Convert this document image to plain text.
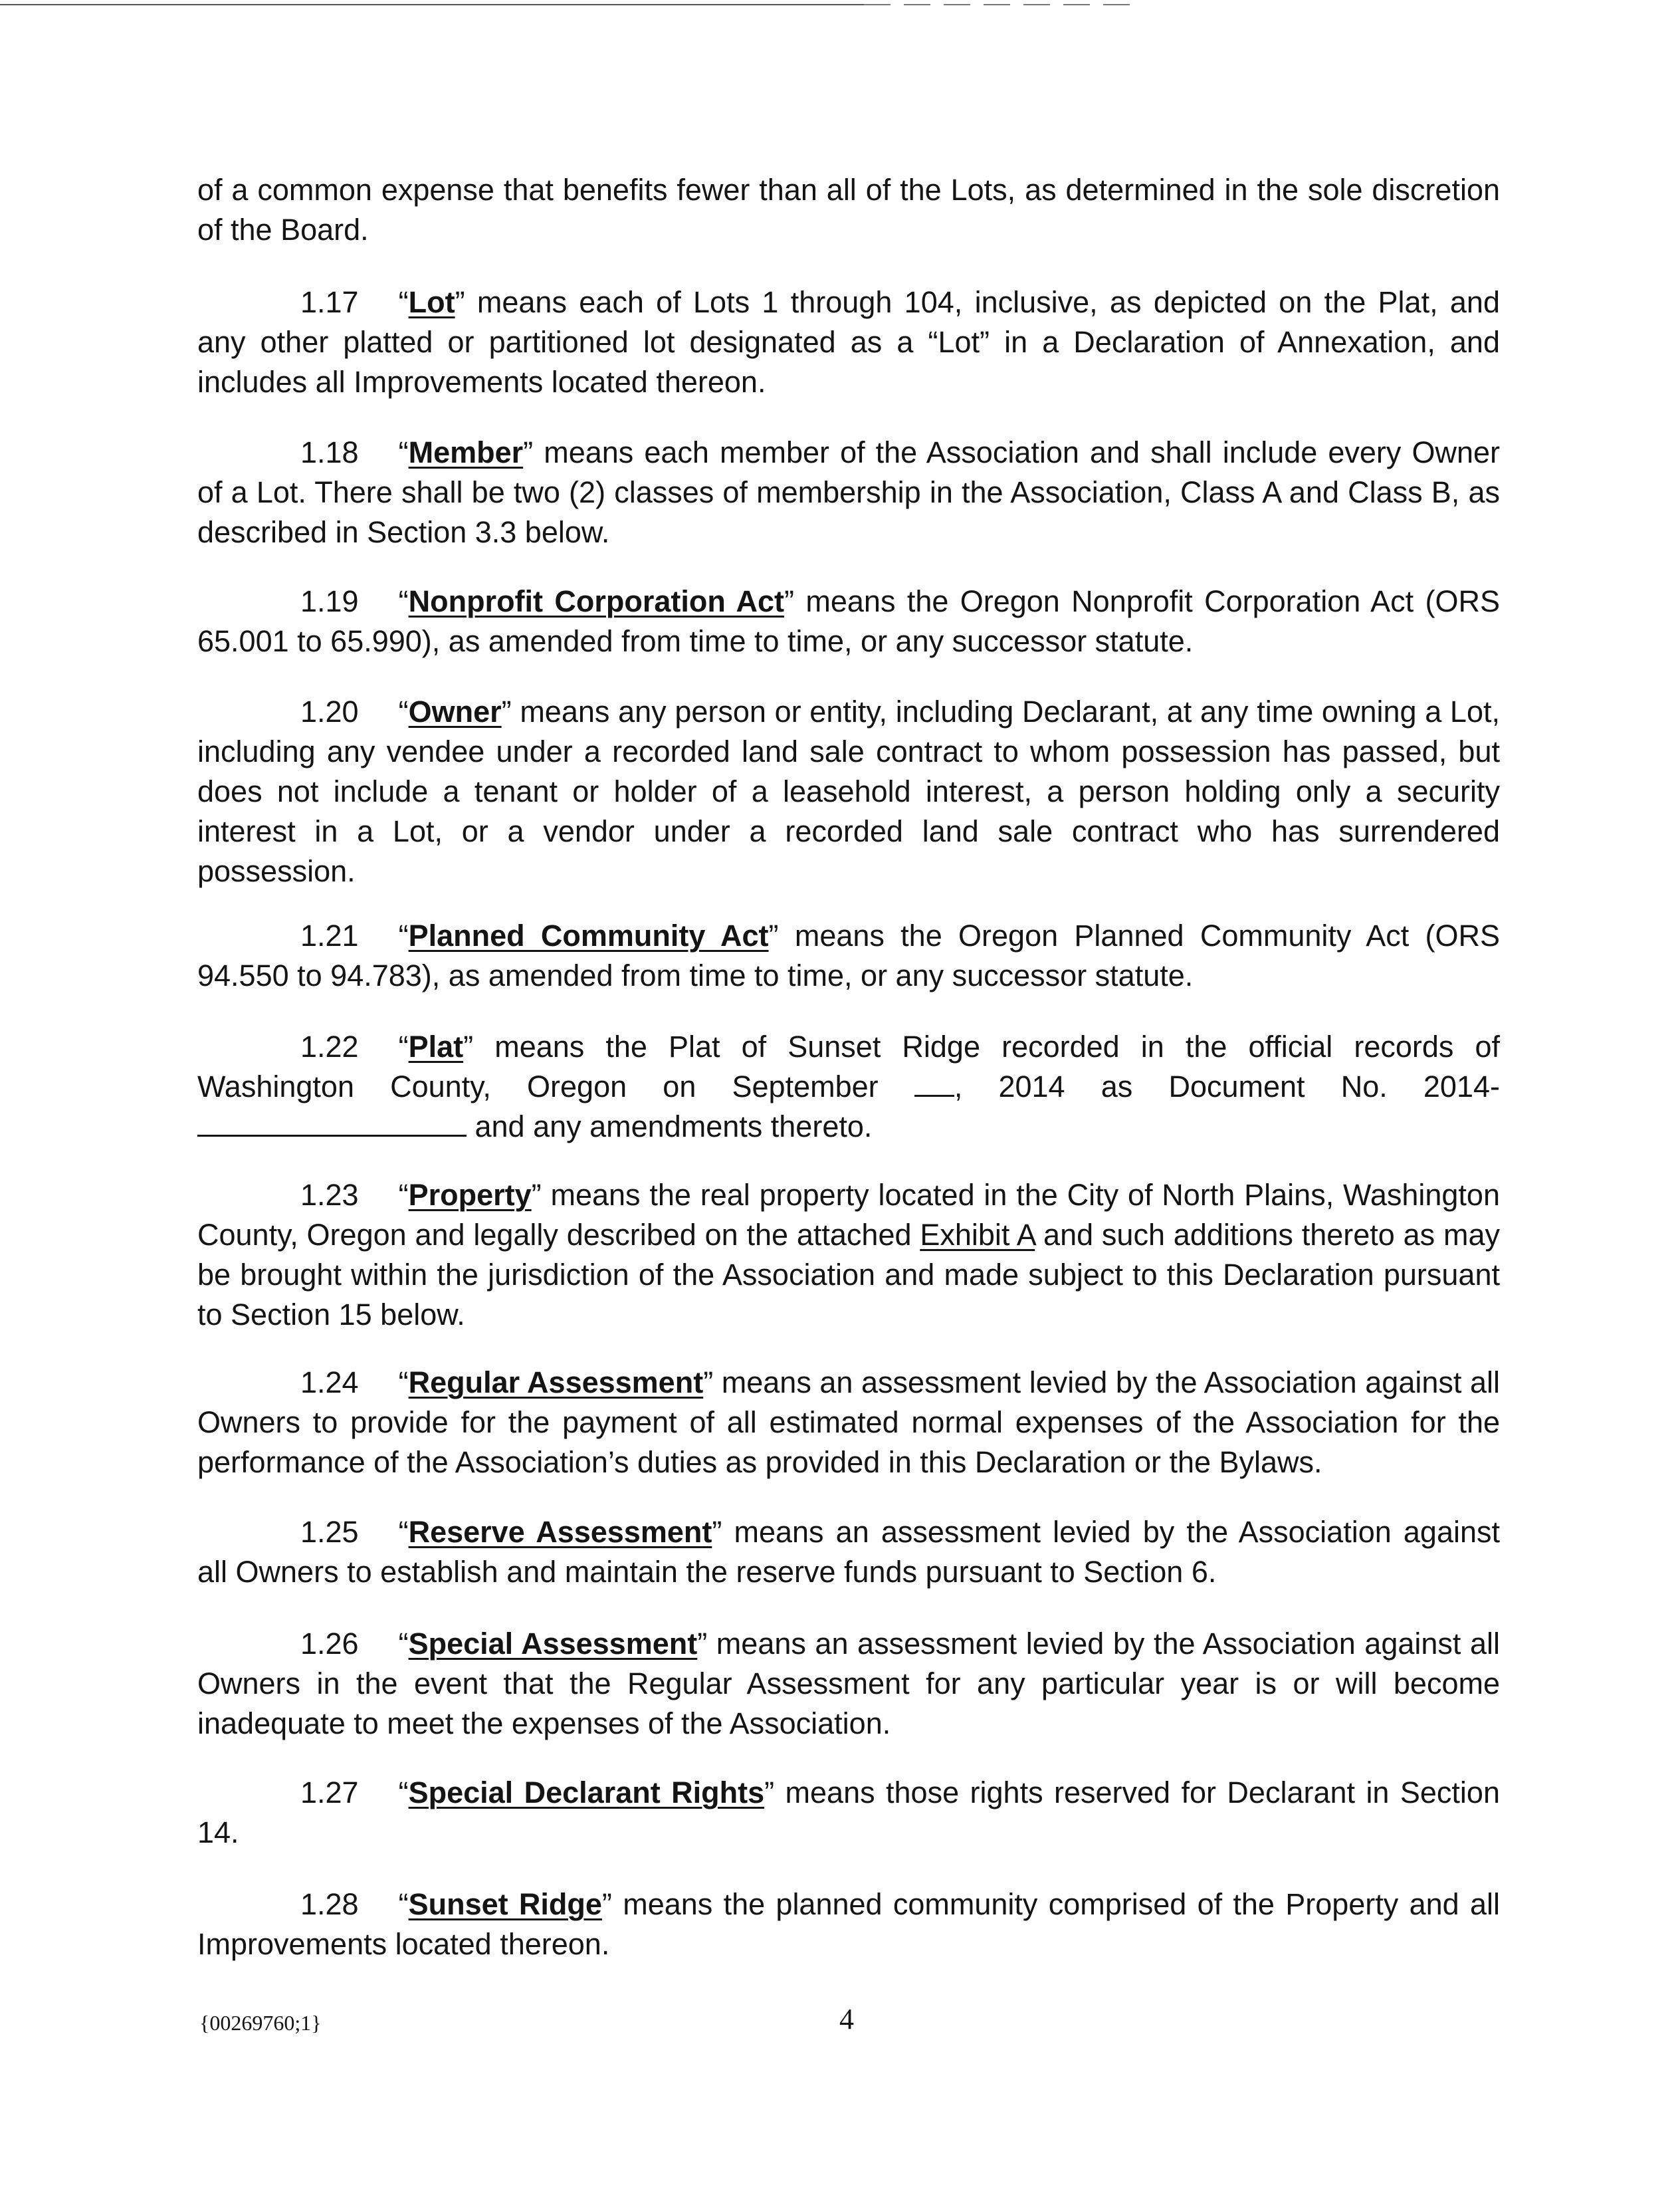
of a common expense that benefits fewer than all of the Lots, as determined in the sole discretion of the Board.

1.17 “Lot” means each of Lots 1 through 104, inclusive, as depicted on the Plat, and any other platted or partitioned lot designated as a “Lot” in a Declaration of Annexation, and includes all Improvements located thereon.

1.18 “Member” means each member of the Association and shall include every Owner of a Lot. There shall be two (2) classes of membership in the Association, Class A and Class B, as described in Section 3.3 below.

1.19 “Nonprofit Corporation Act” means the Oregon Nonprofit Corporation Act (ORS 65.001 to 65.990), as amended from time to time, or any successor statute.

1.20 “Owner” means any person or entity, including Declarant, at any time owning a Lot, including any vendee under a recorded land sale contract to whom possession has passed, but does not include a tenant or holder of a leasehold interest, a person holding only a security interest in a Lot, or a vendor under a recorded land sale contract who has surrendered possession.

1.21 “Planned Community Act” means the Oregon Planned Community Act (ORS 94.550 to 94.783), as amended from time to time, or any successor statute.

1.22 “Plat” means the Plat of Sunset Ridge recorded in the official records of Washington County, Oregon on September , 2014 as Document No. 2014-  and any amendments thereto.

1.23 “Property” means the real property located in the City of North Plains, Washington County, Oregon and legally described on the attached Exhibit A and such additions thereto as may be brought within the jurisdiction of the Association and made subject to this Declaration pursuant to Section 15 below.

1.24 “Regular Assessment” means an assessment levied by the Association against all Owners to provide for the payment of all estimated normal expenses of the Association for the performance of the Association’s duties as provided in this Declaration or the Bylaws.

1.25 “Reserve Assessment” means an assessment levied by the Association against all Owners to establish and maintain the reserve funds pursuant to Section 6.

1.26 “Special Assessment” means an assessment levied by the Association against all Owners in the event that the Regular Assessment for any particular year is or will become inadequate to meet the expenses of the Association.

1.27 “Special Declarant Rights” means those rights reserved for Declarant in Section 14.

1.28 “Sunset Ridge” means the planned community comprised of the Property and all Improvements located thereon.

{00269760;1}	4
